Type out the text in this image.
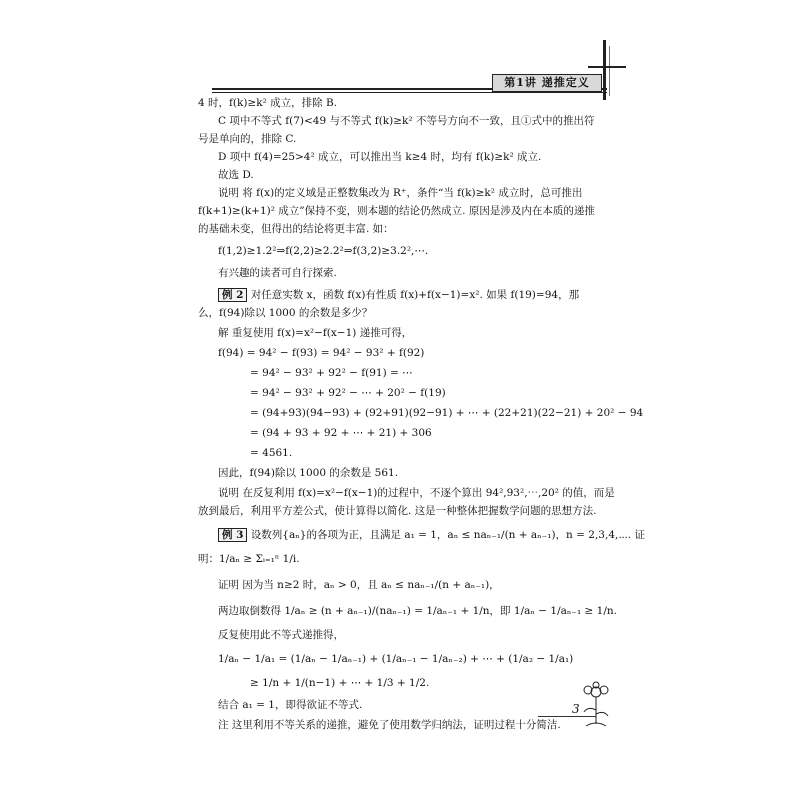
第1讲 递推定义
4 时，f(k)≥k² 成立，排除 B.
C 项中不等式 f(7)<49 与不等式 f(k)≥k² 不等号方向不一致，且①式中的推出符
号是单向的，排除 C.
D 项中 f(4)=25>4² 成立，可以推出当 k≥4 时，均有 f(k)≥k² 成立.
故选 D.
说明 将 f(x)的定义域是正整数集改为 R⁺，条件“当 f(k)≥k² 成立时，总可推出
f(k+1)≥(k+1)² 成立”保持不变，则本题的结论仍然成立. 原因是涉及内在本质的递推
的基础未变，但得出的结论将更丰富. 如：
f(1,2)≥1.2²⇒f(2,2)≥2.2²⇒f(3,2)≥3.2²,⋯.
有兴趣的读者可自行探索.
例 2 对任意实数 x，函数 f(x)有性质 f(x)+f(x−1)=x². 如果 f(19)=94，那
么，f(94)除以 1000 的余数是多少？
解 重复使用 f(x)=x²−f(x−1) 递推可得，
f(94) = 94² − f(93) = 94² − 93² + f(92)
= 94² − 93² + 92² − f(91) = ⋯
= 94² − 93² + 92² − ⋯ + 20² − f(19)
= (94+93)(94−93) + (92+91)(92−91) + ⋯ + (22+21)(22−21) + 20² − 94
= (94 + 93 + 92 + ⋯ + 21) + 306
= 4561.
因此，f(94)除以 1000 的余数是 561.
说明 在反复利用 f(x)=x²−f(x−1)的过程中，不逐个算出 94²,93²,⋯,20² 的值，而是
放到最后，利用平方差公式，使计算得以简化. 这是一种整体把握数学问题的思想方法.
例 3 设数列{aₙ}的各项为正，且满足 a₁ = 1，aₙ ≤ naₙ₋₁/(n + aₙ₋₁)，n = 2,3,4,⋯. 证
明：1/aₙ ≥ Σᵢ₌₁ⁿ 1/i.
证明 因为当 n≥2 时，aₙ > 0，且 aₙ ≤ naₙ₋₁/(n + aₙ₋₁)，
两边取倒数得 1/aₙ ≥ (n + aₙ₋₁)/(naₙ₋₁) = 1/aₙ₋₁ + 1/n，即 1/aₙ − 1/aₙ₋₁ ≥ 1/n.
反复使用此不等式递推得，
1/aₙ − 1/a₁ = (1/aₙ − 1/aₙ₋₁) + (1/aₙ₋₁ − 1/aₙ₋₂) + ⋯ + (1/a₂ − 1/a₁)
≥ 1/n + 1/(n−1) + ⋯ + 1/3 + 1/2.
结合 a₁ = 1，即得欲证不等式.
注 这里利用不等关系的递推，避免了使用数学归纳法，证明过程十分简洁.
3
